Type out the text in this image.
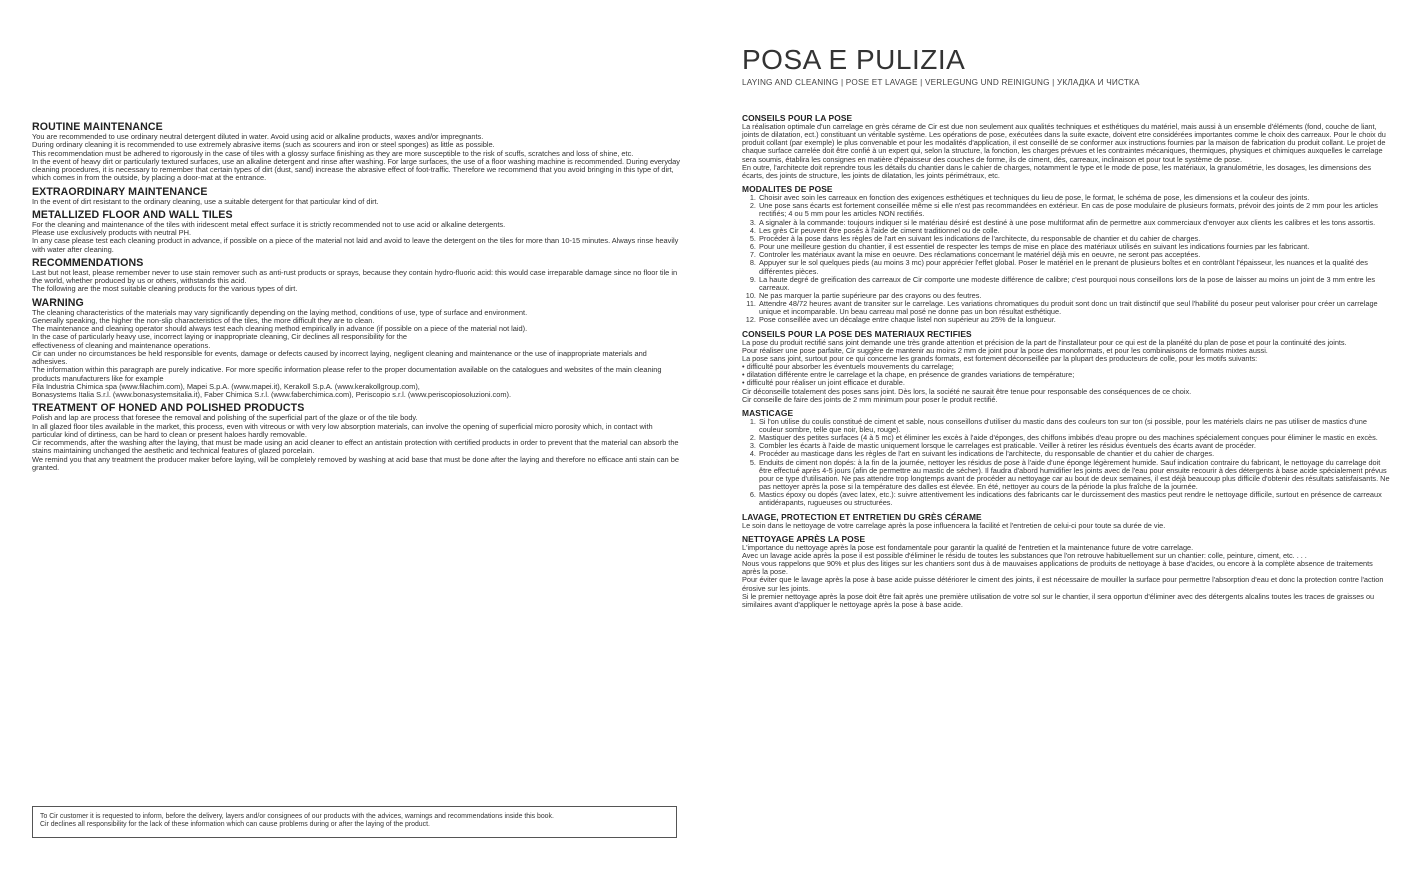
ROUTINE MAINTENANCE

You are recommended to use ordinary neutral detergent diluted in water. Avoid using acid or alkaline products, waxes and/or impregnants.

During ordinary cleaning it is recommended to use extremely abrasive items (such as scourers and iron or steel sponges) as little as possible.

This recommendation must be adhered to rigorously in the case of tiles with a glossy surface finishing as they are more susceptible to the risk of scuffs, scratches and loss of shine, etc.

In the event of heavy dirt or particularly textured surfaces, use an alkaline detergent and rinse after washing. For large surfaces, the use of a floor washing machine is recommended. During everyday cleaning procedures, it is necessary to remember that certain types of dirt (dust, sand) increase the abrasive effect of foot-traffic. Therefore we recommend that you avoid bringing in this type of dirt, which comes in from the outside, by placing a door-mat at the entrance.

EXTRAORDINARY MAINTENANCE

In the event of dirt resistant to the ordinary cleaning, use a suitable detergent for that particular kind of dirt.

METALLIZED FLOOR AND WALL TILES

For the cleaning and maintenance of the tiles with iridescent metal effect surface it is strictly recommended not to use acid or alkaline detergents.

Please use exclusively products with neutral PH.

In any case please test each cleaning product in advance, if possible on a piece of the material not laid and avoid to leave the detergent on the tiles for more than 10-15 minutes. Always rinse heavily with water after cleaning.

RECOMMENDATIONS

Last but not least, please remember never to use stain remover such as anti-rust products or sprays, because they contain hydro-fluoric acid: this would case irreparable damage since no floor tile in the world, whether produced by us or others, withstands this acid.

The following are the most suitable cleaning products for the various types of dirt.

WARNING

The cleaning characteristics of the materials may vary significantly depending on the laying method, conditions of use, type of surface and environment.

Generally speaking, the higher the non-slip characteristics of the tiles, the more difficult they are to clean.

The maintenance and cleaning operator should always test each cleaning method empirically in advance (if possible on a piece of the material not laid).

In the case of particularly heavy use, incorrect laying or inappropriate cleaning, Cir declines all responsibility for the

effectiveness of cleaning and maintenance operations.

Cir can under no circumstances be held responsible for events, damage or defects caused by incorrect laying, negligent cleaning and maintenance or the use of inappropriate materials and adhesives.

The information within this paragraph are purely indicative. For more specific information please refer to the proper documentation available on the catalogues and websites of the main cleaning products manufacturers like for example

Fila Industria Chimica spa (www.filachim.com), Mapei S.p.A. (www.mapei.it), Kerakoll S.p.A. (www.kerakollgroup.com),

Bonasystems Italia S.r.l. (www.bonasystemsitalia.it), Faber Chimica S.r.l. (www.faberchimica.com), Periscopio s.r.l. (www.periscopiosoluzioni.com).

TREATMENT OF HONED AND POLISHED PRODUCTS

Polish and lap are process that foresee the removal and polishing of the superficial part of the glaze or of the tile body.

In all glazed floor tiles available in the market, this process, even with vitreous or with very low absorption materials, can involve the opening of superficial micro porosity which, in contact with particular kind of dirtiness, can be hard to clean or present haloes hardly removable.

Cir recommends, after the washing after the laying, that must be made using an acid cleaner to effect an antistain protection with certified products in order to prevent that the material can absorb the stains maintaining unchanged the aesthetic and technical features of glazed porcelain.

We remind you that any treatment the producer maker before laying, will be completely removed by washing at acid base that must be done after the laying and therefore no efficace anti stain can be granted.

To Cir customer it is requested to inform, before the delivery, layers and/or consignees of our products with the advices, warnings and recommendations inside this book.

Cir declines all responsibility for the lack of these information which can cause problems during or after the laying of the product.

POSA E PULIZIA

LAYING AND CLEANING | POSE ET LAVAGE | VERLEGUNG UND REINIGUNG | УКЛАДКА И ЧИСТКА

CONSEILS POUR LA POSE

La réalisation optimale d'un carrelage en grès cérame de Cir est due non seulement aux qualités techniques et esthétiques du matériel, mais aussi à un ensemble d'éléments (fond, couche de liant, joints de dilatation, ect.) constituant un véritable système. Les opérations de pose, exécutées dans la suite exacte, doivent etre considérées importantes comme le choix des carreaux. Pour le choix du produit collant (par exemple) le plus convenable et pour les modalités d'application, il est conseillé de se conformer aux instructions fournies par la maison de fabrication du produit collant. Le projet de chaque surface carrelée doit être confié à un expert qui, selon la structure, la fonction, les charges prévues et les contraintes mécaniques, thermiques, physiques et chimiques auxquelles le carrelage sera soumis, établira les consignes en matière d'épaisseur des couches de forme, ils de ciment, dés, carreaux, inclinaison et pour tout le système de pose.

En outre, l'architecte doit reprendre tous les détails du chantier dans le cahier de charges, notamment le type et le mode de pose, les matériaux, la granulométrie, les dosages, les dimensions des écarts, des joints de structure, les joints de dilatation, les joints périmétraux, etc.

MODALITES DE POSE
1. Choisir avec soin les carreaux en fonction des exigences esthétiques et techniques du lieu de pose, le format, le schéma de pose, les dimensions et la couleur des joints.
2. Une pose sans écarts est fortement conseillée même si elle n'est pas recommandées en extérieur. En cas de pose modulaire de plusieurs formats, prévoir des joints de 2 mm pour les articles rectifiés; 4 ou 5 mm pour les articles NON rectifiés.
3. A signaler à la commande: toujours indiquer si le matériau désiré est destiné à une pose multiformat afin de permettre aux commerciaux d'envoyer aux clients les calibres et les tons assortis.
4. Les grès Cir peuvent être posés à l'aide de ciment traditionnel ou de colle.
5. Procéder à la pose dans les règles de l'art en suivant les indications de l'architecte, du responsable de chantier et du cahier de charges.
6. Pour une meilleure gestion du chantier, il est essentiel de respecter les temps de mise en place des matériaux utilisés en suivant les indications fournies par les fabricant.
7. Controler les matériaux avant la mise en oeuvre. Des réclamations concernant le matériel déjà mis en oeuvre, ne seront pas acceptées.
8. Appuyer sur le sol quelques pieds (au moins 3 mc) pour apprécier l'effet global. Poser le matériel en le prenant de plusieurs boîtes et en contrôlant l'épaisseur, les nuances et la qualité des différentes pièces.
9. La haute degré de greification des carreaux de Cir comporte une modeste différence de calibre; c'est pourquoi nous conseillons lors de la pose de laisser au moins un joint de 3 mm entre les carreaux.
10. Ne pas marquer la partie supérieure par des crayons ou des feutres.
11. Attendre 48/72 heures avant de transiter sur le carrelage. Les variations chromatiques du produit sont donc un trait distinctif que seul l'habilité du poseur peut valoriser pour créer un carrelage unique et incomparable. Un beau carreau mal posé ne donne pas un bon résultat esthétique.
12. Pose conseillée avec un décalage entre chaque listel non supérieur au 25% de la longueur.
CONSEILS POUR LA POSE DES MATERIAUX RECTIFIES

La pose du produit rectifié sans joint demande une très grande attention et précision de la part de l'installateur pour ce qui est de la planéité du plan de pose et pour la continuité des joints.

Pour réaliser une pose parfaite, Cir suggère de mantenir au moins 2 mm de joint pour la pose des monoformats, et pour les combinaisons de formats mixtes aussi.

La pose sans joint, surtout pour ce qui concerne les grands formats, est fortement déconseillée par la plupart des producteurs de colle, pour les motifs suivants:

• difficulté pour absorber les éventuels mouvements du carrelage;

• dilatation différente entre le carrelage et la chape, en présence de grandes variations de température;

• difficulté pour réaliser un joint efficace et durable.

Cir déconseille totalement des poses sans joint. Dès lors, la société ne saurait être tenue pour responsable des conséquences de ce choix.

Cir conseille de faire des joints de 2 mm minimum pour poser le produit rectifié.

MASTICAGE
1. Si l'on utilise du coulis constitué de ciment et sable, nous conseillons d'utiliser du mastic dans des couleurs ton sur ton (si possible, pour les matériels clairs ne pas utiliser de mastics d'une couleur sombre, telle que noir, bleu, rouge).
2. Mastiquer des petites surfaces (4 à 5 mc) et éliminer les excès à l'aide d'éponges, des chiffons imbibés d'eau propre ou des machines spécialement conçues pour éliminer le mastic en excès.
3. Combler les écarts à l'aide de mastic uniquement lorsque le carrelages est praticable. Veiller à retirer les résidus éventuels des écarts avant de procéder.
4. Procéder au masticage dans les règles de l'art en suivant les indications de l'architecte, du responsable de chantier et du cahier de charges.
5. Enduits de ciment non dopés: à la fin de la journée, nettoyer les résidus de pose à l'aide d'une éponge légèrement humide. Sauf indication contraire du fabricant, le nettoyage du carrelage doit être effectué après 4-5 jours (afin de permettre au mastic de sécher). Il faudra d'abord humidifier les joints avec de l'eau pour ensuite recourir à des détergents à base acide spécialement prévus pour ce type d'utilisation. Ne pas attendre trop longtemps avant de procéder au nettoyage car au bout de deux semaines, il est déjà beaucoup plus difficile d'obtenir des résultats satisfaisants. Ne pas nettoyer après la pose si la température des dalles est élevée. En été, nettoyer au cours de la période la plus fraîche de la journée.
6. Mastics époxy ou dopés (avec latex, etc.): suivre attentivement les indications des fabricants car le durcissement des mastics peut rendre le nettoyage difficile, surtout en présence de carreaux antidérapants, rugueuses ou structurées.
LAVAGE, PROTECTION ET ENTRETIEN DU GRÈS CÉRAME

Le soin dans le nettoyage de votre carrelage après la pose influencera la facilité et l'entretien de celui-ci pour toute sa durée de vie.

NETTOYAGE APRÈS LA POSE

L'importance du nettoyage après la pose est fondamentale pour garantir la qualité de l'entretien et la maintenance future de votre carrelage.

Avec un lavage acide après la pose il est possible d'éliminer le résidu de toutes les substances que l'on retrouve habituellement sur un chantier: colle, peinture, ciment, etc. . . .

Nous vous rappelons que 90% et plus des litiges sur les chantiers sont dus à de mauvaises applications de produits de nettoyage à base d'acides, ou encore à la complète absence de traitements après la pose.

Pour éviter que le lavage après la pose à base acide puisse détériorer le ciment des joints, il est nécessaire de mouiller la surface pour permettre l'absorption d'eau et donc la protection contre l'action érosive sur les joints.

Si le premier nettoyage après la pose doit être fait après une première utilisation de votre sol sur le chantier, il sera opportun d'éliminer avec des détergents alcalins toutes les traces de graisses ou similaires avant d'appliquer le nettoyage après la pose à base acide.
